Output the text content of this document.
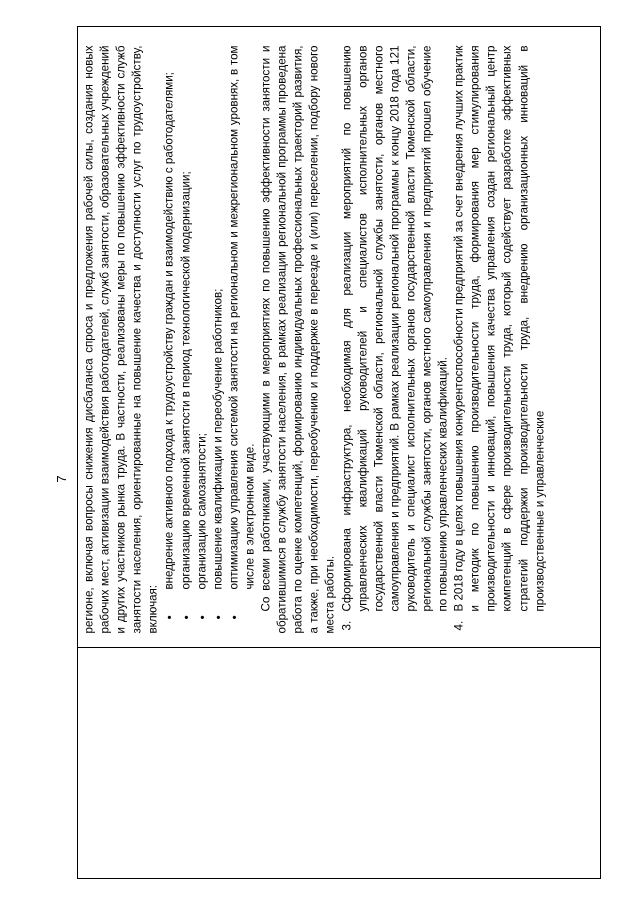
7 регионе, включая вопросы снижения дисбаланса спроса и предложения рабочей силы, создания новых рабочих мест, активизации взаимодействия работодателей, служб занятости, образовательных учреждений и других участников рынка труда. В частности, реализованы меры по повышению эффективности служб занятости населения, ориентированные на повышение качества и доступности услуг по трудоустройству, включая:

• внедрение активного подхода к трудоустройству граждан и взаимодействию с работодателями; • организацию временной занятости в период технологической модернизации; • организацию самозанятости; • повышение квалификации и переобучение работников; • оптимизацию управления системой занятости на региональном и межрегиональном уровнях, в том числе в электронном виде. Со всеми работниками, участвующими в мероприятиях по повышению эффективности занятости и обратившимися в службу занятости населения, в рамках реализации региональной программы проведена работа по оценке компетенций, формированию индивидуальных профессиональных траекторий развития, а также, при необходимости, переобучению и поддержке в переезде и (или) переселении, подбору нового места работы. 3.
Сформирована инфраструктура, необходимая для реализации мероприятий по повышению управленческих квалификаций руководителей и специалистов исполнительных органов государственной власти Тюменской области, региональной службы занятости, органов местного самоуправления и предприятий. В рамках реализации региональной программы к концу 2018 года 121 руководитель и специалист исполнительных органов государственной власти Тюменской области, региональной службы занятости, органов местного самоуправления и предприятий прошел обучение по повышению управленческих квалификаций.
4.
В 2018 году в целях повышения конкурентоспособности предприятий за счет внедрения лучших практик и методик по повышению производительности труда, формирования мер стимулирования производительности и инноваций, повышения качества управления создан региональный центр компетенций в сфере производительности труда, который содействует разработке эффективных стратегий поддержки производительности труда, внедрению организационных инноваций в производственные и управленческие
